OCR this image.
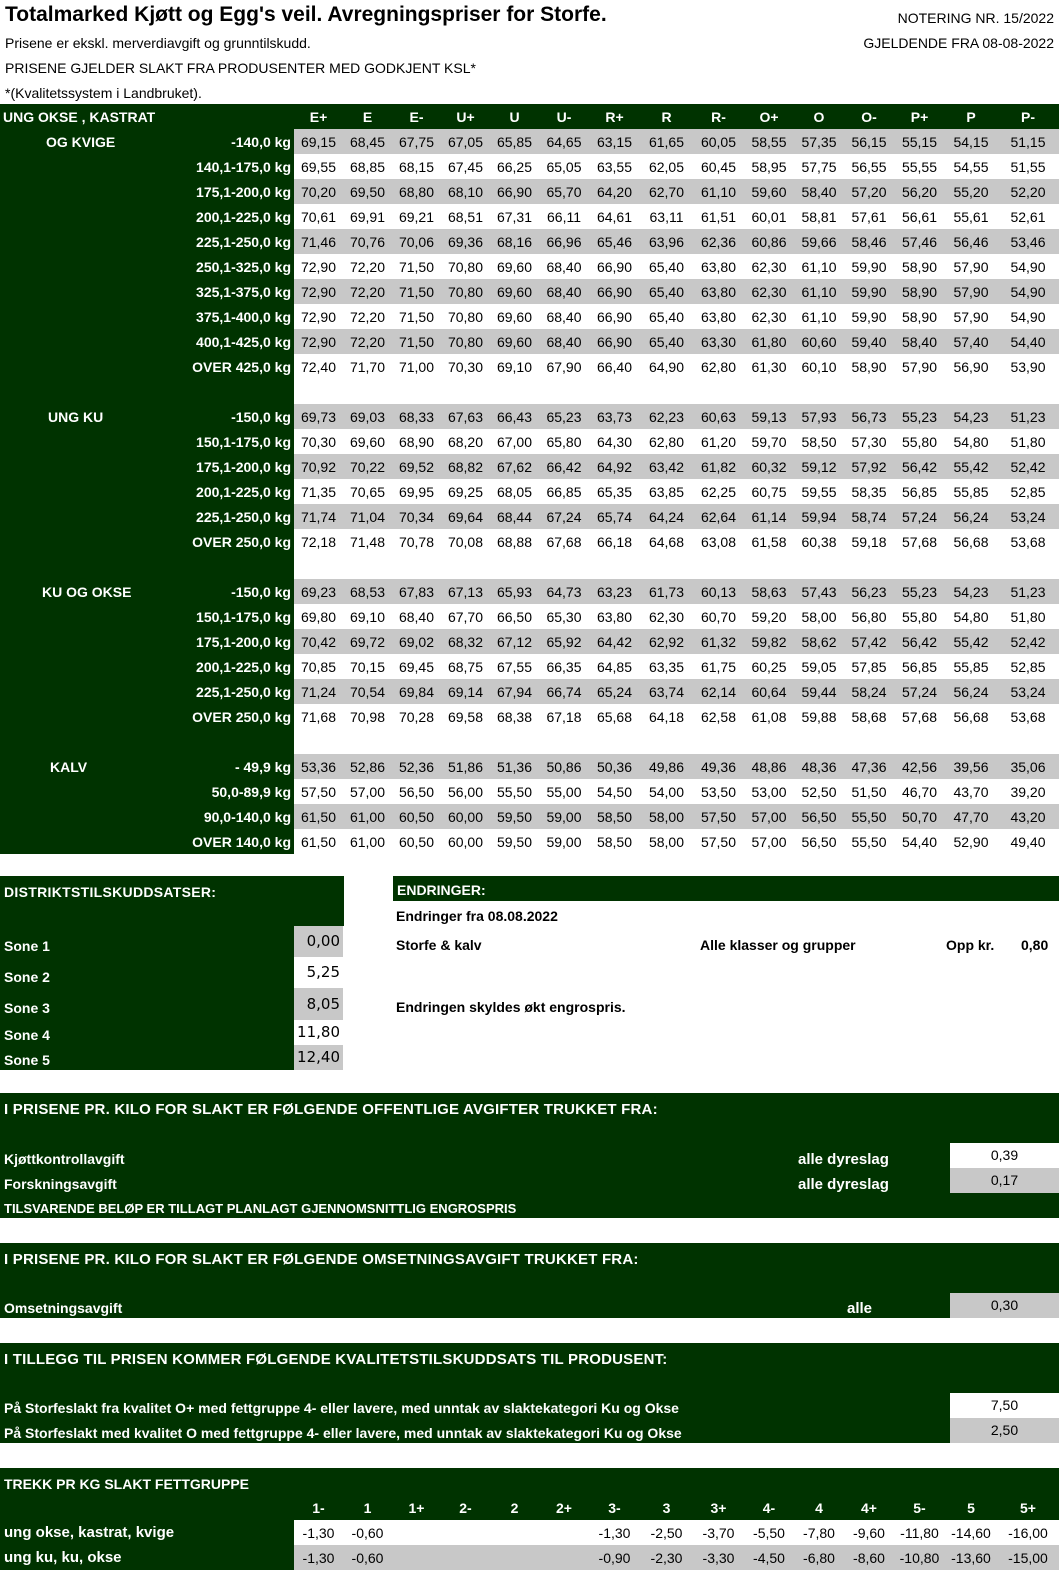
Totalmarked Kjøtt og Egg's veil. Avregningspriser for Storfe.
Prisene er ekskl. merverdiavgift og grunntilskudd.
PRISENE GJELDER SLAKT FRA PRODUSENTER MED GODKJENT KSL*
*(Kvalitetssystem i Landbruket).
NOTERING NR. 15/2022
GJELDENDE FRA 08-08-2022
UNG OKSE , KASTRAT	E+	E	E-	U+	U	U-	R+	R	R-	O+	O	O-	P+	P	P-

OG KVIGE -140,0 kg	69,15	68,45	67,75	67,05	65,85	64,65	63,15	61,65	60,05	58,55	57,35	56,15	55,15	54,15	51,15
140,1-175,0 kg	69,55	68,85	68,15	67,45	66,25	65,05	63,55	62,05	60,45	58,95	57,75	56,55	55,55	54,55	51,55
175,1-200,0 kg	70,20	69,50	68,80	68,10	66,90	65,70	64,20	62,70	61,10	59,60	58,40	57,20	56,20	55,20	52,20
200,1-225,0 kg	70,61	69,91	69,21	68,51	67,31	66,11	64,61	63,11	61,51	60,01	58,81	57,61	56,61	55,61	52,61
225,1-250,0 kg	71,46	70,76	70,06	69,36	68,16	66,96	65,46	63,96	62,36	60,86	59,66	58,46	57,46	56,46	53,46
250,1-325,0 kg	72,90	72,20	71,50	70,80	69,60	68,40	66,90	65,40	63,80	62,30	61,10	59,90	58,90	57,90	54,90
325,1-375,0 kg	72,90	72,20	71,50	70,80	69,60	68,40	66,90	65,40	63,80	62,30	61,10	59,90	58,90	57,90	54,90
375,1-400,0 kg	72,90	72,20	71,50	70,80	69,60	68,40	66,90	65,40	63,80	62,30	61,10	59,90	58,90	57,90	54,90
400,1-425,0 kg	72,90	72,20	71,50	70,80	69,60	68,40	66,90	65,40	63,30	61,80	60,60	59,40	58,40	57,40	54,40
OVER 425,0 kg	72,40	71,70	71,00	70,30	69,10	67,90	66,40	64,90	62,80	61,30	60,10	58,90	57,90	56,90	53,90

UNG KU -150,0 kg	69,73	69,03	68,33	67,63	66,43	65,23	63,73	62,23	60,63	59,13	57,93	56,73	55,23	54,23	51,23
150,1-175,0 kg	70,30	69,60	68,90	68,20	67,00	65,80	64,30	62,80	61,20	59,70	58,50	57,30	55,80	54,80	51,80
175,1-200,0 kg	70,92	70,22	69,52	68,82	67,62	66,42	64,92	63,42	61,82	60,32	59,12	57,92	56,42	55,42	52,42
200,1-225,0 kg	71,35	70,65	69,95	69,25	68,05	66,85	65,35	63,85	62,25	60,75	59,55	58,35	56,85	55,85	52,85
225,1-250,0 kg	71,74	71,04	70,34	69,64	68,44	67,24	65,74	64,24	62,64	61,14	59,94	58,74	57,24	56,24	53,24
OVER 250,0 kg	72,18	71,48	70,78	70,08	68,88	67,68	66,18	64,68	63,08	61,58	60,38	59,18	57,68	56,68	53,68

KU OG OKSE -150,0 kg	69,23	68,53	67,83	67,13	65,93	64,73	63,23	61,73	60,13	58,63	57,43	56,23	55,23	54,23	51,23
150,1-175,0 kg	69,80	69,10	68,40	67,70	66,50	65,30	63,80	62,30	60,70	59,20	58,00	56,80	55,80	54,80	51,80
175,1-200,0 kg	70,42	69,72	69,02	68,32	67,12	65,92	64,42	62,92	61,32	59,82	58,62	57,42	56,42	55,42	52,42
200,1-225,0 kg	70,85	70,15	69,45	68,75	67,55	66,35	64,85	63,35	61,75	60,25	59,05	57,85	56,85	55,85	52,85
225,1-250,0 kg	71,24	70,54	69,84	69,14	67,94	66,74	65,24	63,74	62,14	60,64	59,44	58,24	57,24	56,24	53,24
OVER 250,0 kg	71,68	70,98	70,28	69,58	68,38	67,18	65,68	64,18	62,58	61,08	59,88	58,68	57,68	56,68	53,68

KALV - 49,9 kg	53,36	52,86	52,36	51,86	51,36	50,86	50,36	49,86	49,36	48,86	48,36	47,36	42,56	39,56	35,06
50,0-89,9 kg	57,50	57,00	56,50	56,00	55,50	55,00	54,50	54,00	53,50	53,00	52,50	51,50	46,70	43,70	39,20
90,0-140,0 kg	61,50	61,00	60,50	60,00	59,50	59,00	58,50	58,00	57,50	57,00	56,50	55,50	50,70	47,70	43,20
OVER 140,0 kg	61,50	61,00	60,50	60,00	59,50	59,00	58,50	58,00	57,50	57,00	56,50	55,50	54,40	52,90	49,40

DISTRIKTSTILSKUDDSATSER:
Sone 1	0,00
Sone 2	5,25
Sone 3	8,05
Sone 4	11,80
Sone 5	12,40
ENDRINGER:
Endringer fra 08.08.2022
Storfe & kalv	Alle klasser og grupper	Opp kr. 0,80
Endringen skyldes økt engrospris.
I PRISENE PR. KILO FOR SLAKT ER FØLGENDE OFFENTLIGE AVGIFTER TRUKKET FRA:
Kjøttkontrollavgift	alle dyreslag	0,39
Forskningsavgift	alle dyreslag	0,17
TILSVARENDE BELØP ER TILLAGT PLANLAGT GJENNOMSNITTLIG ENGROSPRIS
I PRISENE PR. KILO FOR SLAKT ER FØLGENDE OMSETNINGSAVGIFT TRUKKET FRA:
Omsetningsavgift	alle	0,30
I TILLEGG TIL PRISEN KOMMER FØLGENDE KVALITETSTILSKUDDSATS TIL PRODUSENT:
På Storfeslakt fra kvalitet O+ med fettgruppe 4- eller lavere, med unntak av slaktekategori Ku og Okse	7,50
På Storfeslakt med kvalitet O med fettgruppe 4- eller lavere, med unntak av slaktekategori Ku og Okse	2,50
TREKK PR KG SLAKT FETTGRUPPE
	1-	1	1+	2-	2	2+	3-	3	3+	4-	4	4+	5-	5	5+
ung okse, kastrat, kvige	-1,30	-0,60					-1,30	-2,50	-3,70	-5,50	-7,80	-9,60	-11,80	-14,60	-16,00
ung ku, ku, okse	-1,30	-0,60					-0,90	-2,30	-3,30	-4,50	-6,80	-8,60	-10,80	-13,60	-15,00
